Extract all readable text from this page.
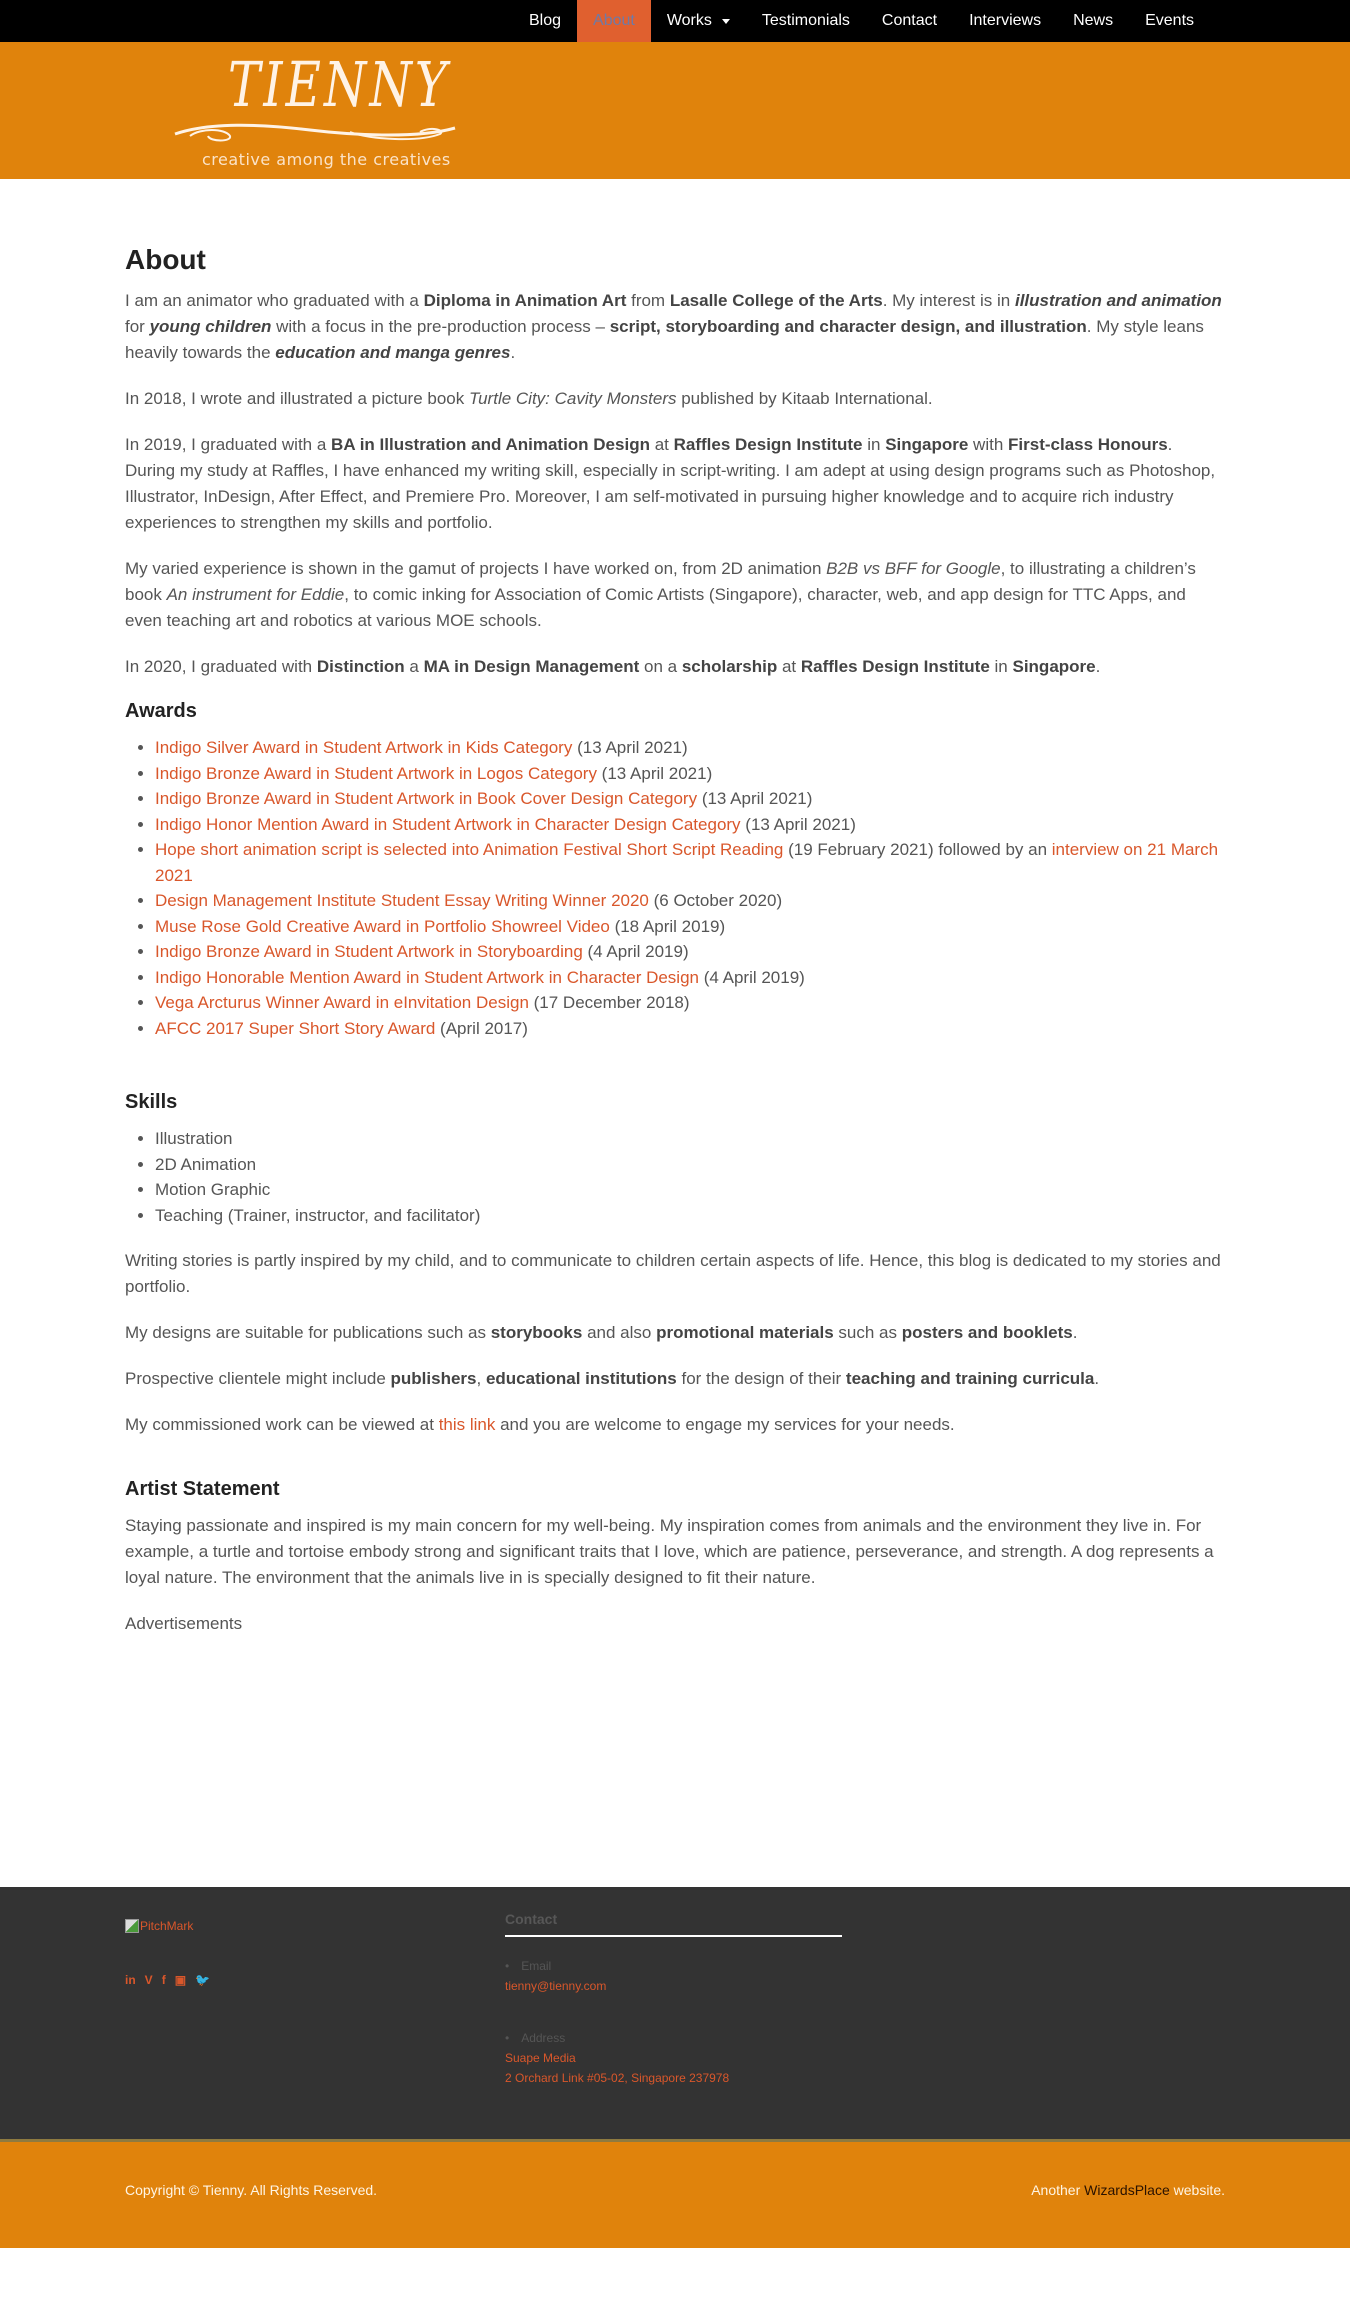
Blog About Works	Testimonials Contact Interviews News Events
TIENNY
creative among the creatives
About

I am an animator who graduated with a Diploma in Animation Art from Lasalle College of the Arts. My interest is in illustration and animation for young children with a focus in the pre-production process – script, storyboarding and character design, and illustration. My style leans heavily towards the education and manga genres.

In 2018, I wrote and illustrated a picture book Turtle City: Cavity Monsters published by Kitaab International.

In 2019, I graduated with a BA in Illustration and Animation Design at Raffles Design Institute in Singapore with First-class Honours. During my study at Raffles, I have enhanced my writing skill, especially in script-writing. I am adept at using design programs such as Photoshop, Illustrator, InDesign, After Effect, and Premiere Pro. Moreover, I am self-motivated in pursuing higher knowledge and to acquire rich industry experiences to strengthen my skills and portfolio.

My varied experience is shown in the gamut of projects I have worked on, from 2D animation B2B vs BFF for Google, to illustrating a children’s book An instrument for Eddie, to comic inking for Association of Comic Artists (Singapore), character, web, and app design for TTC Apps, and even teaching art and robotics at various MOE schools.

In 2020, I graduated with Distinction a MA in Design Management on a scholarship at Raffles Design Institute in Singapore.

Awards
• Indigo Silver Award in Student Artwork in Kids Category (13 April 2021)
• Indigo Bronze Award in Student Artwork in Logos Category (13 April 2021)
• Indigo Bronze Award in Student Artwork in Book Cover Design Category (13 April 2021)
• Indigo Honor Mention Award in Student Artwork in Character Design Category (13 April 2021)
• Hope short animation script is selected into Animation Festival Short Script Reading (19 February 2021) followed by an interview on 21 March 2021
• Design Management Institute Student Essay Writing Winner 2020 (6 October 2020)
• Muse Rose Gold Creative Award in Portfolio Showreel Video (18 April 2019)
• Indigo Bronze Award in Student Artwork in Storyboarding (4 April 2019)
• Indigo Honorable Mention Award in Student Artwork in Character Design (4 April 2019)
• Vega Arcturus Winner Award in eInvitation Design (17 December 2018)
• AFCC 2017 Super Short Story Award (April 2017)
Skills
• Illustration
• 2D Animation
• Motion Graphic
• Teaching (Trainer, instructor, and facilitator)

Writing stories is partly inspired by my child, and to communicate to children certain aspects of life. Hence, this blog is dedicated to my stories and portfolio.

My designs are suitable for publications such as storybooks and also promotional materials such as posters and booklets.

Prospective clientele might include publishers, educational institutions for the design of their teaching and training curricula.

My commissioned work can be viewed at this link and you are welcome to engage my services for your needs.

Artist Statement

Staying passionate and inspired is my main concern for my well-being. My inspiration comes from animals and the environment they live in. For example, a turtle and tortoise embody strong and significant traits that I love, which are patience, perseverance, and strength. A dog represents a loyal nature. The environment that the animals live in is specially designed to fit their nature.

Advertisements

PitchMark
in V f ▣ 🐦
Contact
• Email
tienny@tienny.com
• Address
Suape Media
2 Orchard Link #05-02, Singapore 237978
Copyright © Tienny. All Rights Reserved.	Another WizardsPlace website.
